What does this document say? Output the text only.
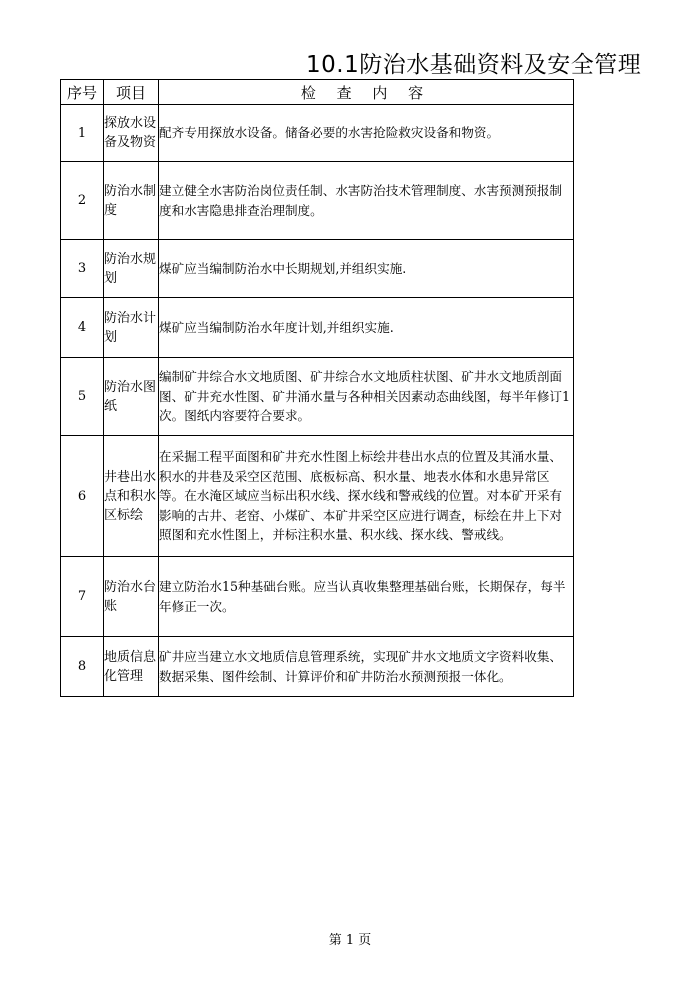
10.1防治水基础资料及安全管理
序号	项目	检 查 内 容
1	探放水设备及物资	配齐专用探放水设备。储备必要的水害抢险救灾设备和物资。
2	防治水制度	建立健全水害防治岗位责任制、水害防治技术管理制度、水害预测预报制度和水害隐患排查治理制度。
3	防治水规划	煤矿应当编制防治水中长期规划,并组织实施.
4	防治水计划	煤矿应当编制防治水年度计划,并组织实施.
5	防治水图纸	编制矿井综合水文地质图、矿井综合水文地质柱状图、矿井水文地质剖面图、矿井充水性图、矿井涌水量与各种相关因素动态曲线图，每半年修订1次。图纸内容要符合要求。
6	井巷出水点和积水区标绘	在采掘工程平面图和矿井充水性图上标绘井巷出水点的位置及其涌水量、积水的井巷及采空区范围、底板标高、积水量、地表水体和水患异常区等。在水淹区域应当标出积水线、探水线和警戒线的位置。对本矿开采有影响的古井、老窑、小煤矿、本矿井采空区应进行调查，标绘在井上下对照图和充水性图上，并标注积水量、积水线、探水线、警戒线。
7	防治水台账	建立防治水15种基础台账。应当认真收集整理基础台账，长期保存，每半年修正一次。
8	地质信息化管理	矿井应当建立水文地质信息管理系统，实现矿井水文地质文字资料收集、数据采集、图件绘制、计算评价和矿井防治水预测预报一体化。
第 1 页
